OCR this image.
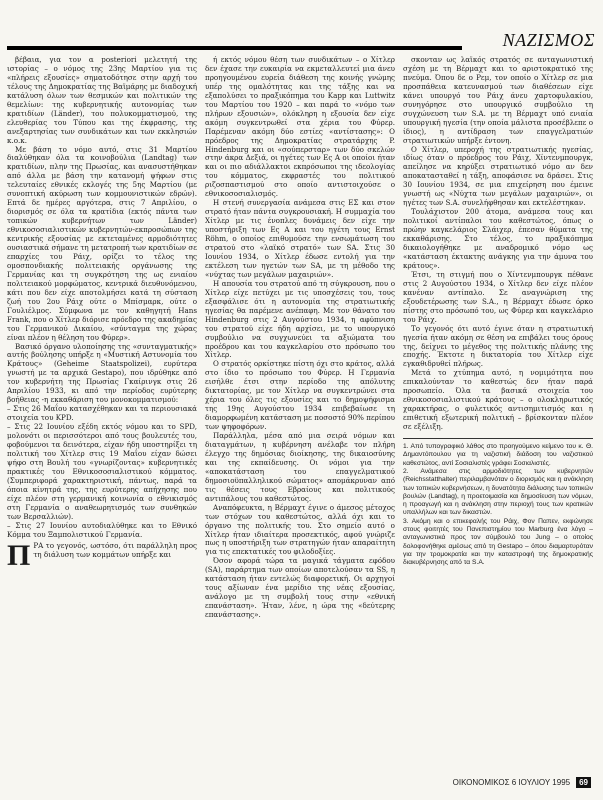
ΝΑΖΙΣΜΟΣ

βέβαια, για τον α posteriori μελετητή της ιστορίας – ο νόμος της 23ης Μαρτίου για τις «πλήρεις εξουσίες» σηματοδότησε στην αρχή του τέλους της Δημοκρατίας της Βαϊμάρης με διαδοχική κατάλυση όλων των θεσμικών και πολιτικών της θεμελίων: της κυβερνητικής αυτονομίας των κρατιδίων (Länder), του πολυκομματισμού, της ελευθερίας του Τύπου και της έκφρασης, της ανεξαρτησίας των συνδικάτων και των εκκλησιών κ.ο.κ.

Με βάση το νόμο αυτό, στις 31 Μαρτίου διαλύθηκαν όλα τα κοινοβούλια (Landtag) των κρατιδίων, πλην της Πρωσίας, και ανασυστήθηκαν από άλλα με βάση την κατανομή ψήφων στις τελευταίες εθνικές εκλογές της 5ης Μαρτίου (με συνοπτική ακύρωση των κομμουνιστικών εδρών). Επτά δε ημέρες αργότερα, στις 7 Απριλίου, ο διορισμός σε όλα τα κρατίδια (εκτός πάντα των τοπικών κυβερνήτων των Länder) εθνικοσοσιαλιστικών κυβερνητών-εκπροσώπων της κεντρικής εξουσίας με εκτεταμένες αρμοδιότητες ουσιαστικά σήμανε τη μετατροπή των κρατιδίων σε επαρχίες του Ράιχ, ορίζει το τέλος της ομοσπονδιακής πολιτειακής οργάνωσης της Γερμανίας και τη συγκρότηση της ως ενιαίου πολιτειακού μορφώματος, κεντρικά διευθυνόμενου, κάτι που δεν είχε αποτολμήσει κατά τη σύσταση ζωή του 2ου Ράιχ ούτε ο Μπίσμαρκ, ούτε ο Γουλιέλμος. Σύμφωνα με τον καθηγητή Hans Frank, που ο Χίτλερ διόρισε πρόεδρο της ακαδημίας του Γερμανικού Δικαίου, «σύνταγμα της χώρας είναι πλέον η θέληση του Φύρερ».

Βασικό όργανο υλοποίησης της «συνταγματικής» αυτής βούλησης υπήρξε η «Μυστική Αστυνομία του Κράτους» (Geheime Staatspolizei), ευρύτερα γνωστή με τα αρχικά Gestapo), που ιδρύθηκε από τον κυβερνήτη της Πρωσίας Γκαίρινγκ στις 26 Απριλίου 1933, κι από την περίοδος ευρύτερης βοήθειας -η εκκαθάριση του μονοκομματισμού:

– Στις 26 Μαΐου κατασχέθηκαν και τα περιουσιακά στοιχεία του KPD.

– Στις 22 Ιουνίου εξέδη εκτός νόμου και το SPD, μολονότι οι περισσότεροι από τους βουλευτές του, φοβούμενοι τα δεινότερα, είχαν ήδη υποστηρίξει τη πολιτική του Χίτλερ στις 19 Μαΐου είχαν δώσει ψήφο στη Βουλή του «γνωρίζοντας» κυβερνητικές πρακτικές του Εθνικοσοσιαλιστικού κόμματος. (Συμπεριφορά χαρακτηριστική, πάντως, παρά τα όποια κίνητρά της, της ευρύτερης απήχησης που είχε πλέον στη γερμανική κοινωνία ο εθνικισμός στη Γερμανία ο αναθεωρητισμός των συνθηκών των Βερσαλλιών).

– Στις 27 Ιουνίου αυτοδιαλύθηκε και το Εθνικό Κόμμα του Ξαμπολιστικού Γερμανία.

Π ΡΑ το γεγονός, ωστόσο, ότι παράλληλη προς τη διάλυση των κομμάτων υπήρξε και

ή εκτός νόμου θέση των συνδικάτων – ο Χίτλερ δεν έχασε την ευκαιρία να εκμεταλλευτεί μια άνευ προηγουμένου ευρεία διάθεση της κοινής γνώμης υπέρ της ομαλότητας και της τάξης και να εξαπολύσει το πραξικόπημα του Kapp και Luttwitz του Μαρτίου του 1920 – και παρά το «νόμο των πλήρων εξουσιών», ολόκληρη η εξουσία δεν είχε ακόμη συγκεντρωθεί στα χέρια του Φύρερ. Παρέμεναν ακόμη δύο εστίες «αντίστασης»: Ο πρόεδρος της Δημοκρατίας στρατάρχης P. Hindenburg και οι «σούπερσταρ» των δύο σκελών στην άκρα Δεξιά, οι ηγέτες των Ες Α οι οποίοι ήταν και οι πιο αδιάλλακτοι εκπρόσωποι της ιδεολογίας του κόμματος, εκφραστές του πολιτικού ριζοσπαστισμού στο οποίο αντιστοιχούσε ο εθνικοσοσιαλισμός.

Η στενή συνεργασία ανάμεσα στις ΕΣ και στον στρατό ήταν πάντα συγκρουσιακή. Η συμμαχία του Χίτλερ με τις ένοπλες δυνάμεις δεν είχε την υποστήριξη των Ες Α και του ηγέτη τους Ernst Röhm, ο οποίος επιθυμούσε την ενσωμάτωση του στρατού στο «λαϊκό στρατό» των SA. Στις 30 Ιουνίου 1934, ο Χίτλερ έδωσε εντολή για την εκτέλεση των ηγετών των SA, με τη μέθοδο της «νύχτας των μεγάλων μαχαιριών».

Η απουσία του στρατού από τη σύγκρουση, που ο Χίτλερ είχε πετύχει με τις υποσχέσεις του, τους εξασφάλισε ότι η αυτονομία της στρατιωτικής ηγεσίας θα παρέμενε ανέπαφη. Με τον θάνατο του Hindenburg στις 2 Αυγούστου 1934, η αφύπνιση του στρατού είχε ήδη αρχίσει, με το υπουργικό συμβούλιο να συγχωνεύει τα αξιώματα του προέδρου και του καγκελαρίου στο πρόσωπο του Χίτλερ.

Ο στρατός ορκίστηκε πίστη όχι στο κράτος, αλλά στο ίδιο το πρόσωπο του Φύρερ. Η Γερμανία εισήλθε έτσι στην περίοδο της απόλυτης δικτατορίας, με τον Χίτλερ να συγκεντρώνει στα χέρια του όλες τις εξουσίες και το δημοψήφισμα της 19ης Αυγούστου 1934 επιβεβαίωσε τη διαμορφωμένη κατάσταση με ποσοστό 90% περίπου των ψηφοφόρων.

Παράλληλα, μέσα από μια σειρά νόμων και διαταγμάτων, η κυβέρνηση ανέλαβε τον πλήρη έλεγχο της δημόσιας διοίκησης, της δικαιοσύνης και της εκπαίδευσης. Οι νόμοι για την «αποκατάσταση του επαγγελματικού δημοσιοϋπαλληλικού σώματος» απομάκρυναν από τις θέσεις τους Εβραίους και πολιτικούς αντιπάλους του καθεστώτος.

Αναπόφευκτα, η Βέρμαχτ έγινε ο άμεσος μέτοχος των στόχων του καθεστώτος, αλλά όχι και το όργανο της πολιτικής του. Στο σημείο αυτό ο Χίτλερ ήταν ιδιαίτερα προσεκτικός, αφού γνώριζε πως η υποστήριξη των στρατηγών ήταν απαραίτητη για τις επεκτατικές του φιλοδοξίες.

Όσον αφορά τώρα τα μαγικά τάγματα εφόδου (SA), παράρτημα των οποίων αποτελούσαν τα SS, η κατάσταση ήταν εντελώς διαφορετική. Οι αρχηγοί τους αξίωναν ένα μερίδιο της νέας εξουσίας, ανάλογο με τη συμβολή τους στην «εθνική επανάσταση». Ήταν, λένε, η ώρα της «δεύτερης επανάστασης».

σκονταν ως λαϊκός στρατός σε ανταγωνιστική σχέση με τη Βέρμαχτ και το αριστοκρατικό της πνεύμα. Όπου δε ο Ρεμ, τον οποίο ο Χίτλερ σε μια προσπάθεια κατευνασμού των διαθέσεων είχε κάνει υπουργό του Ράιχ άνευ χαρτοφυλακίου, συνηγόρησε στο υπουργικό συμβούλιο τη συγχώνευση των S.A. με τη Βέρμαχτ υπό ενιαία υπουργική ηγεσία (την οποία μάλιστα προσέβλεπε ο ίδιος), η αντίδραση των επαγγελματιών στρατιωτικών υπήρξε έντονη.

Ο Χίτλερ, υπεροχή της στρατιωτικής ηγεσίας, ιδίως όταν ο πρόεδρος του Ράιχ, Χίντενμπουργκ, απείλησε να κηρύξει στρατιωτικό νόμο αν δεν αποκατασταθεί η τάξη, αποφάσισε να δράσει. Στις 30 Ιουνίου 1934, σε μια επιχείρηση που έμεινε γνωστή ως «Νύχτα των μεγάλων μαχαιριών», οι ηγέτες των S.A. συνελήφθησαν και εκτελέστηκαν.

Τουλάχιστον 200 άτομα, ανάμεσα τους και πολιτικοί αντίπαλοι του καθεστώτος, όπως ο πρώην καγκελάριος Σλάιχερ, έπεσαν θύματα της εκκαθάρισης. Στο τέλος, το πραξικόπημα δικαιολογήθηκε με αναδρομικό νόμο ως «κατάσταση έκτακτης ανάγκης για την άμυνα του κράτους».

Έτσι, τη στιγμή που ο Χίντενμπουργκ πέθανε στις 2 Αυγούστου 1934, ο Χίτλερ δεν είχε πλέον κανέναν αντίπαλο. Σε αναγνώριση της εξουδετέρωσης των S.A., η Βέρμαχτ έδωσε όρκο πίστης στο πρόσωπό του, ως Φύρερ και καγκελάριο του Ράιχ.

Το γεγονός ότι αυτό έγινε όταν η στρατιωτική ηγεσία ήταν ακόμη σε θέση να επιβάλει τους όρους της, δείχνει το μέγεθος της πολιτικής πλάνης της εποχής. Έκτοτε η δικτατορία του Χίτλερ είχε εγκαθιδρυθεί πλήρως.

Μετά το χτύπημα αυτό, η νομιμότητα που επικαλούνταν το καθεστώς δεν ήταν παρά προσωπείο. Όλα τα βασικά στοιχεία του εθνικοσοσιαλιστικού κράτους – ο ολοκληρωτικός χαρακτήρας, ο φυλετικός αντισημιτισμός και η επιθετική εξωτερική πολιτική – βρίσκονταν πλέον σε εξέλιξη.

1. Από τυπογραφικό λάθος στο προηγούμενο κείμενο του κ. Θ. Δημαντόπουλου για τη ναζιστική διάδοση του ναζιστικού καθεστώτος, αντί Σοσιαλιστές γράφει Σοσιαλιστές.

2. Ανάμεσα στις αρμοδιότητες των κυβερνητών (Reichsstatthalter) περιλαμβανόταν ο διορισμός και η ανάκληση των τοπικών κυβερνήσεων, η δυνατότητα διάλυσης των τοπικών βουλών (Landtag), η προετοιμασία και δημοσίευση των νόμων, η προαγωγή και η ανάκληση στην περιοχή τους των κρατικών υπαλλήλων και των δικαστών.

3. Ακόμη και ο επικεφαλής του Ράιχ, Φον Παπεν, εκφώνησε στους φοιτητές του Πανεπιστημίου του Marburg ένα λόγο – ανταγωνιστικά προς τον σύμβουλό του Jung – ο οποίος δολοφονήθηκε αμέσως από τη Gestapo – όπου διαμαρτυρόταν για την τρομοκρατία και την καταστροφή της δημοκρατικής διακυβέρνησης από τα S.A.

ΟΙΚΟΝΟΜΙΚΟΣ 6 ΙΟΥΛΙΟΥ 1995	69
